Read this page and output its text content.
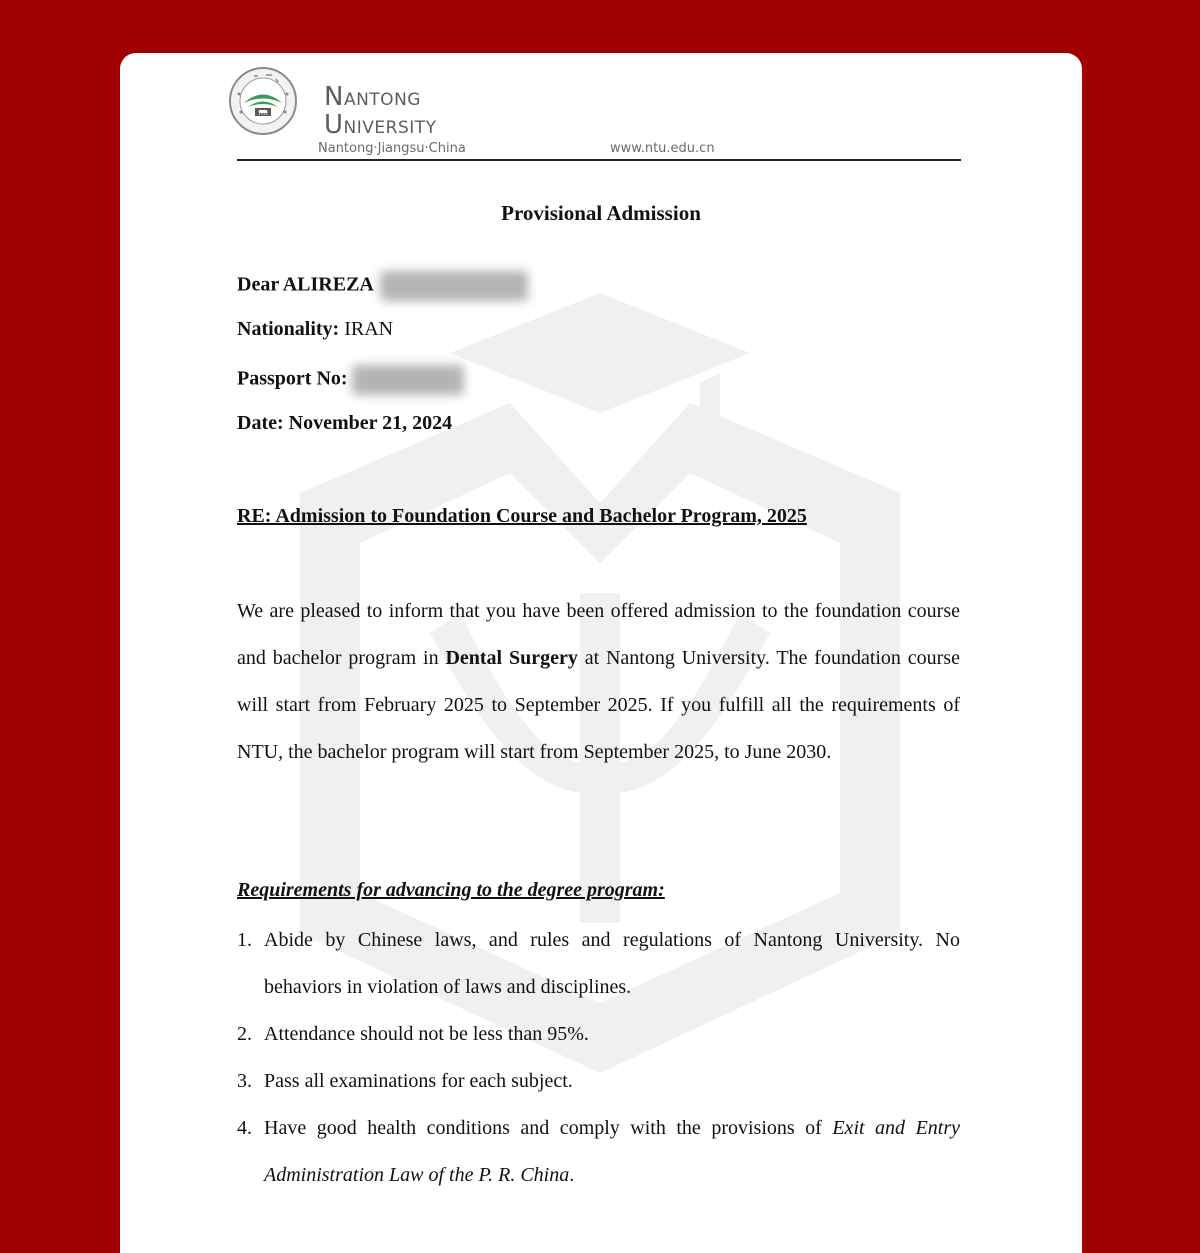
1912
NANTONG
UNIVERSITY
Nantong·Jiangsu·China	www.ntu.edu.cn
Provisional Admission
Dear ALIREZA
Nationality: IRAN
Passport No:
Date: November 21, 2024
RE: Admission to Foundation Course and Bachelor Program, 2025
We are pleased to inform that you have been offered admission to the foundation course and bachelor program in Dental Surgery at Nantong University. The foundation course will start from February 2025 to September 2025. If you fulfill all the requirements of NTU, the bachelor program will start from September 2025, to June 2030.
Requirements for advancing to the degree program:
1. Abide by Chinese laws, and rules and regulations of Nantong University. No behaviors in violation of laws and disciplines.
2. Attendance should not be less than 95%.
3. Pass all examinations for each subject.
4. Have good health conditions and comply with the provisions of Exit and Entry Administration Law of the P. R. China.
